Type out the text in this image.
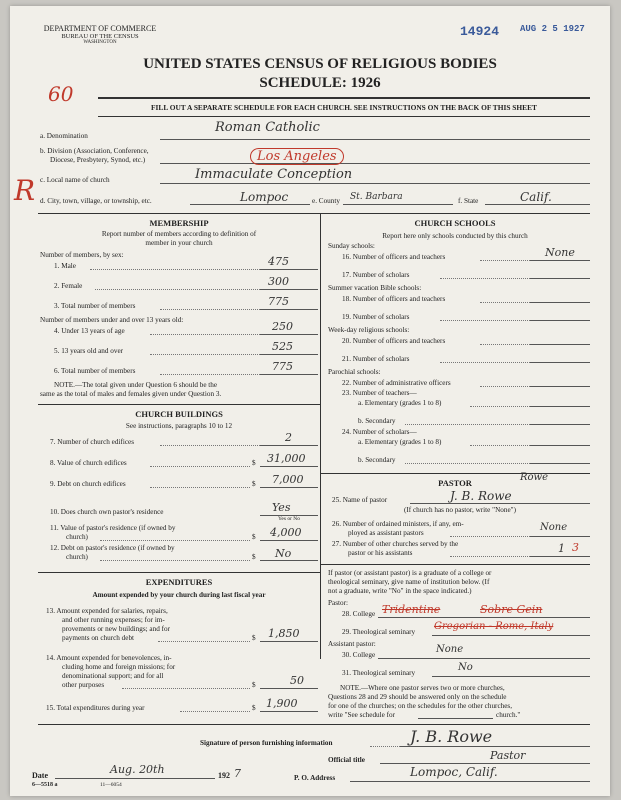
DEPARTMENT OF COMMERCE
BUREAU OF THE CENSUS
WASHINGTON
14924 AUG 2 5 1927
UNITED STATES CENSUS OF RELIGIOUS BODIES
SCHEDULE: 1926
60
FILL OUT A SEPARATE SCHEDULE FOR EACH CHURCH. SEE INSTRUCTIONS ON THE BACK OF THIS SHEET
a. Denomination
Roman Catholic
b. Division (Association, Conference,
Diocese, Presbytery, Synod, etc.)	Los Angeles
c. Local name of church	Immaculate Conception
R d. City, town, village, or township, etc.	Lompoc	e. County St. Barbara	f. State	Calif.
MEMBERSHIP
Report number of members according to definition of
member in your church
Number of members, by sex:
1. Male	475
2. Female	300
3. Total number of members	775
Number of members under and over 13 years old:
4. Under 13 years of age	250
5. 13 years old and over	525
6. Total number of members	775
NOTE.—The total given under Question 6 should be the
same as the total of males and females given under Question 3.
CHURCH BUILDINGS
See instructions, paragraphs 10 to 12
7. Number of church edifices	2
8. Value of church edifices	$ 31,000
9. Debt on church edifices	$ 7,000
10. Does church own pastor's residence	Yes
Yes or No
11. Value of pastor's residence (if owned by
church)	$ 4,000
12. Debt on pastor's residence (if owned by
church)	$ No
EXPENDITURES
Amount expended by your church during last fiscal year
13. Amount expended for salaries, repairs,
and other running expenses; for im-
provements or new buildings; and for
payments on church debt	$ 1,850
14. Amount expended for benevolences, in-
cluding home and foreign missions; for
denominational support; and for all
other purposes	$	50
15. Total expenditures during year	$ 1,900
CHURCH SCHOOLS
Report here only schools conducted by this church
Sunday schools:
16. Number of officers and teachers	None
17. Number of scholars
Summer vacation Bible schools:
18. Number of officers and teachers
19. Number of scholars
Week-day religious schools:
20. Number of officers and teachers
21. Number of scholars
Parochial schools:
22. Number of administrative officers
23. Number of teachers—
a. Elementary (grades 1 to 8)
b. Secondary
24. Number of scholars—
a. Elementary (grades 1 to 8)
b. Secondary
PASTOR	Rowe
25. Name of pastor	J. B. Rowe
(If church has no pastor, write "None")
26. Number of ordained ministers, if any, em-
ployed as assistant pastors	None
27. Number of other churches served by the
pastor or his assistants	1 3
If pastor (or assistant pastor) is a graduate of a college or
theological seminary, give name of institution below. (If
not a graduate, write "No" in the space indicated.)
Pastor:
28. College Tridentine	Sobre Gein
29. Theological seminary Gregorian - Rome, Italy
Assistant pastor:
30. College	None
31. Theological seminary	No
NOTE.—Where one pastor serves two or more churches,
Questions 28 and 29 should be answered only on the schedule
for one of the churches; on the schedules for the other churches,
write "See schedule for	church."
Signature of person furnishing information	J. B. Rowe
Official title	Pastor
Date	Aug. 20th	192 7
6—5518 a	11—6054
P. O. Address	Lompoc, Calif.
